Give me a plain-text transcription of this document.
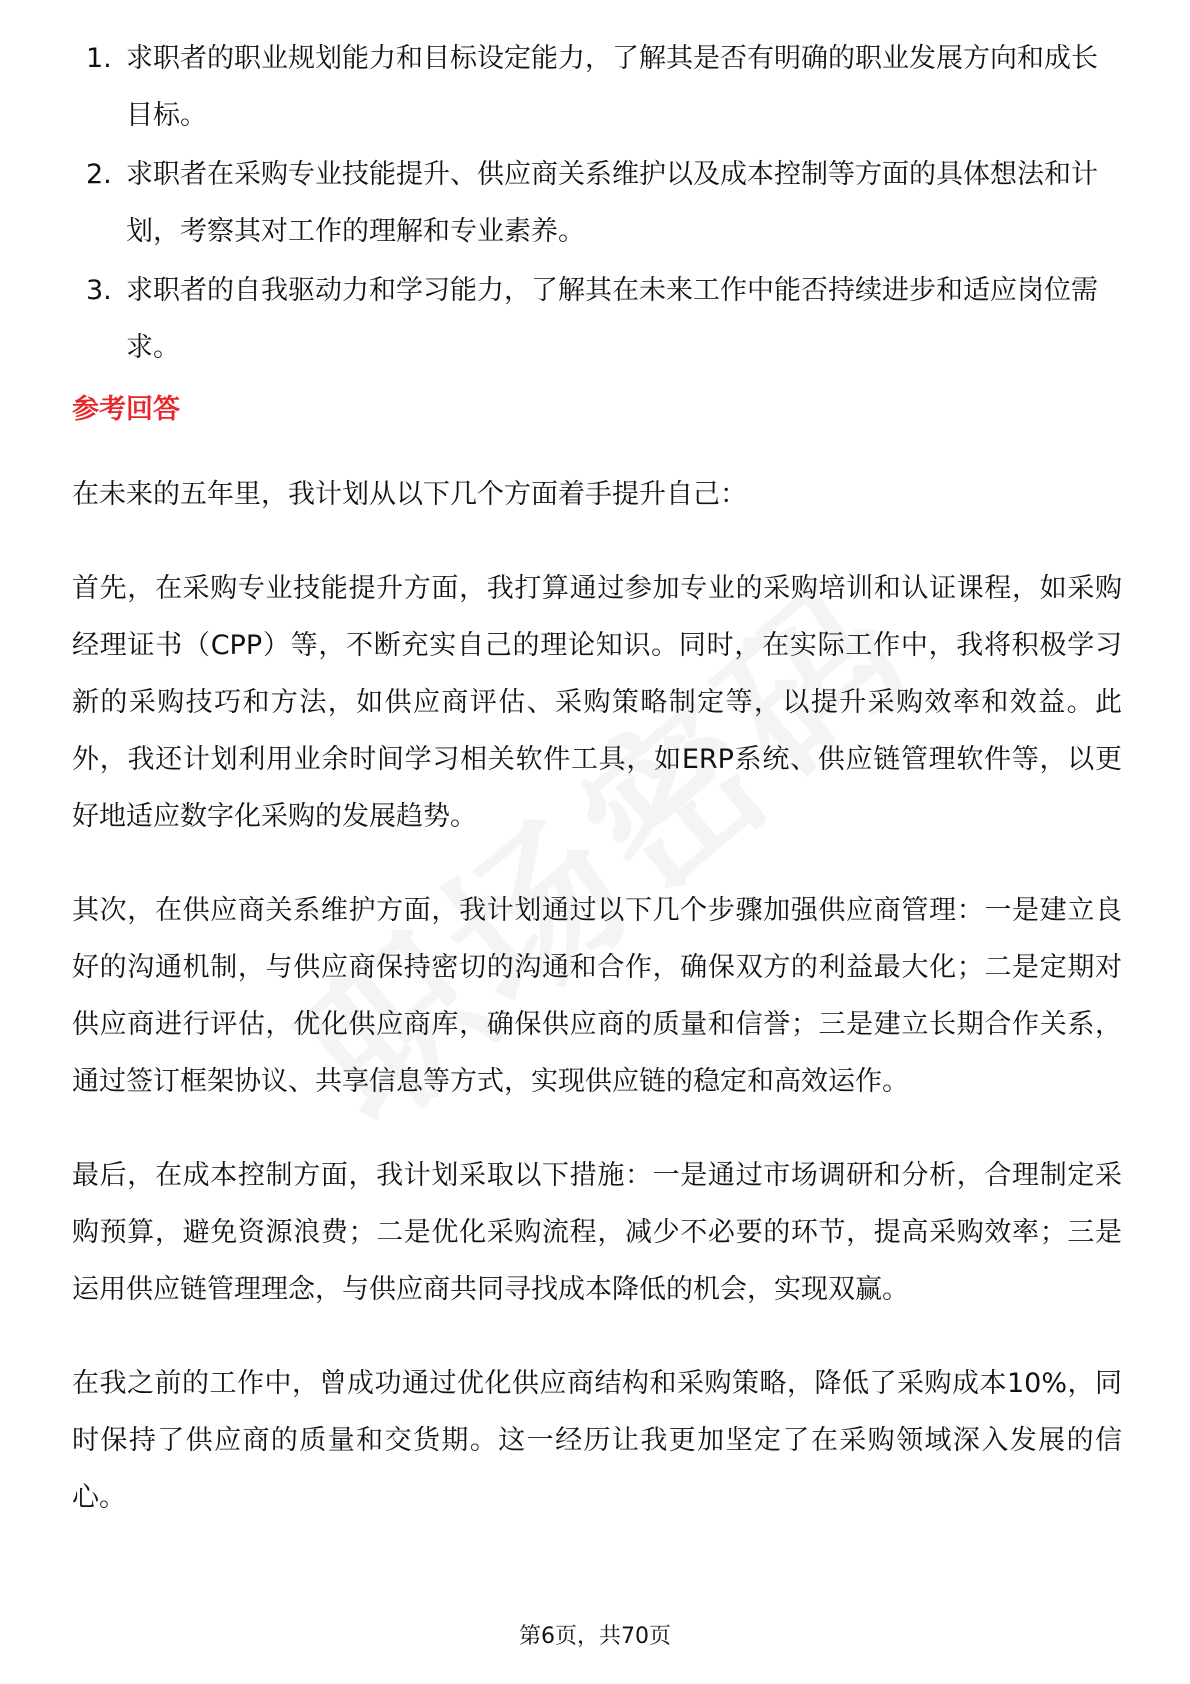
1. 求职者的职业规划能力和目标设定能力，了解其是否有明确的职业发展方向和成长目标。
2. 求职者在采购专业技能提升、供应商关系维护以及成本控制等方面的具体想法和计划，考察其对工作的理解和专业素养。
3. 求职者的自我驱动力和学习能力，了解其在未来工作中能否持续进步和适应岗位需求。
参考回答

在未来的五年里，我计划从以下几个方面着手提升自己：

首先，在采购专业技能提升方面，我打算通过参加专业的采购培训和认证课程，如采购经理证书（CPP）等，不断充实自己的理论知识。同时，在实际工作中，我将积极学习新的采购技巧和方法，如供应商评估、采购策略制定等，以提升采购效率和效益。此外，我还计划利用业余时间学习相关软件工具，如ERP系统、供应链管理软件等，以更好地适应数字化采购的发展趋势。

其次，在供应商关系维护方面，我计划通过以下几个步骤加强供应商管理：一是建立良好的沟通机制，与供应商保持密切的沟通和合作，确保双方的利益最大化；二是定期对供应商进行评估，优化供应商库，确保供应商的质量和信誉；三是建立长期合作关系，通过签订框架协议、共享信息等方式，实现供应链的稳定和高效运作。

最后，在成本控制方面，我计划采取以下措施：一是通过市场调研和分析，合理制定采购预算，避免资源浪费；二是优化采购流程，减少不必要的环节，提高采购效率；三是运用供应链管理理念，与供应商共同寻找成本降低的机会，实现双赢。

在我之前的工作中，曾成功通过优化供应商结构和采购策略，降低了采购成本10%，同时保持了供应商的质量和交货期。这一经历让我更加坚定了在采购领域深入发展的信心。

第6页，共70页
